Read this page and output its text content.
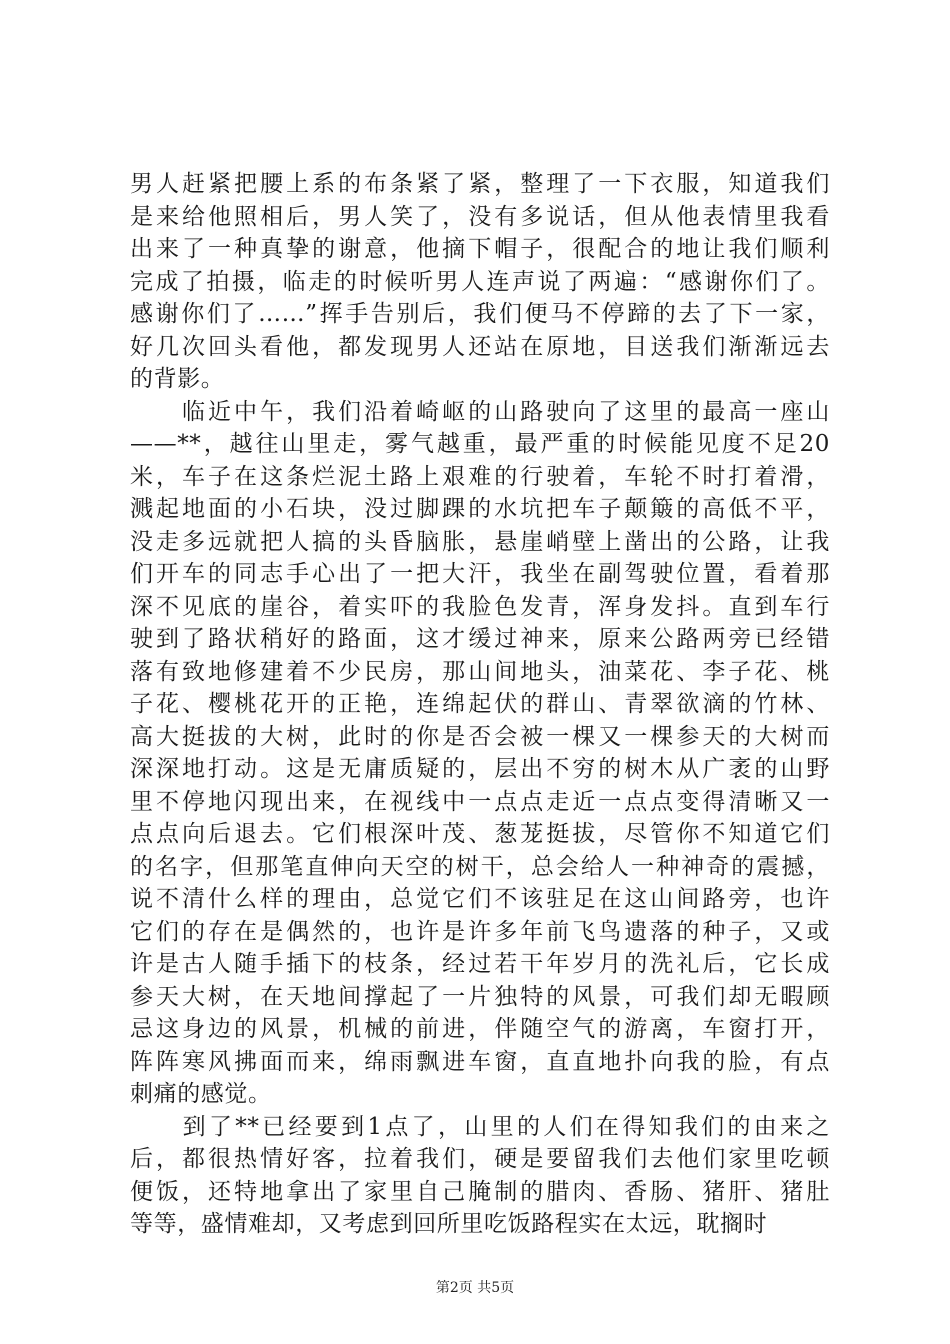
男人赶紧把腰上系的布条紧了紧，整理了一下衣服，知道我们
是来给他照相后，男人笑了，没有多说话，但从他表情里我看
出来了一种真挚的谢意，他摘下帽子，很配合的地让我们顺利
完成了拍摄，临走的时候听男人连声说了两遍：“感谢你们了。
感谢你们了……”挥手告别后，我们便马不停蹄的去了下一家，
好几次回头看他，都发现男人还站在原地，目送我们渐渐远去
的背影。
　　临近中午，我们沿着崎岖的山路驶向了这里的最高一座山
——**，越往山里走，雾气越重，最严重的时候能见度不足20
米，车子在这条烂泥土路上艰难的行驶着，车轮不时打着滑，
溅起地面的小石块，没过脚踝的水坑把车子颠簸的高低不平，
没走多远就把人搞的头昏脑胀，悬崖峭壁上凿出的公路，让我
们开车的同志手心出了一把大汗，我坐在副驾驶位置，看着那
深不见底的崖谷，着实吓的我脸色发青，浑身发抖。直到车行
驶到了路状稍好的路面，这才缓过神来，原来公路两旁已经错
落有致地修建着不少民房，那山间地头，油菜花、李子花、桃
子花、樱桃花开的正艳，连绵起伏的群山、青翠欲滴的竹林、
高大挺拔的大树，此时的你是否会被一棵又一棵参天的大树而
深深地打动。这是无庸质疑的，层出不穷的树木从广袤的山野
里不停地闪现出来，在视线中一点点走近一点点变得清晰又一
点点向后退去。它们根深叶茂、葱茏挺拔，尽管你不知道它们
的名字，但那笔直伸向天空的树干，总会给人一种神奇的震撼，
说不清什么样的理由，总觉它们不该驻足在这山间路旁，也许
它们的存在是偶然的，也许是许多年前飞鸟遗落的种子，又或
许是古人随手插下的枝条，经过若干年岁月的洗礼后，它长成
参天大树，在天地间撑起了一片独特的风景，可我们却无暇顾
忌这身边的风景，机械的前进，伴随空气的游离，车窗打开，
阵阵寒风拂面而来，绵雨飘进车窗，直直地扑向我的脸，有点
刺痛的感觉。
　　到了**已经要到1点了，山里的人们在得知我们的由来之
后，都很热情好客，拉着我们，硬是要留我们去他们家里吃顿
便饭，还特地拿出了家里自己腌制的腊肉、香肠、猪肝、猪肚
等等，盛情难却，又考虑到回所里吃饭路程实在太远，耽搁时
第2页 共5页
